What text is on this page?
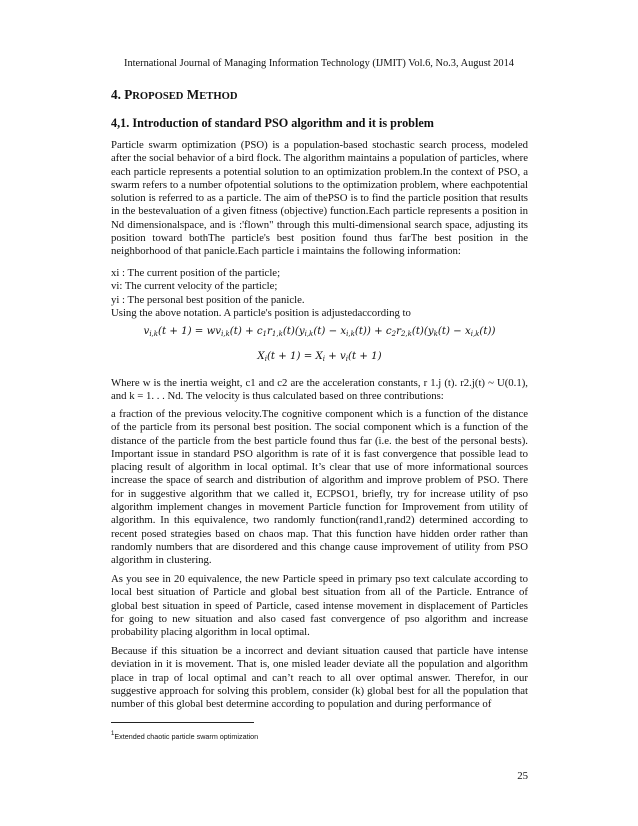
International Journal of Managing Information Technology (IJMIT) Vol.6, No.3, August 2014
4. PROPOSED METHOD
4,1. Introduction of standard PSO algorithm and it is problem

Particle swarm optimization (PSO) is a population-based stochastic search process, modeled after the social behavior of a bird flock. The algorithm maintains a population of particles, where each particle represents a potential solution to an optimization problem.In the context of PSO, a swarm refers to a number ofpotential solutions to the optimization problem, where eachpotential solution is referred to as a particle. The aim of thePSO is to find the particle position that results in the bestevaluation of a given fitness (objective) function.Each particle represents a position in Nd dimensionalspace, and is :'flown" through this multi-dimensional search space, adjusting its position toward bothThe particle's best position found thus farThe best position in the neighborhood of that panicle.Each particle i maintains the following information:

xi : The current position of the particle;
vi: The current velocity of the particle;
yi : The personal best position of the panicle.
Using the above notation. A particle's position is adjustedaccording to
$v_{i,k}(t + 1) = wv_{i,k}(t) + c_1r_{1,k}(t)(y_{i,k}(t) - x_{i,k}(t)) + c_2r_{2,k}(t)(y_k(t) - x_{i,k}(t))$
$X_i(t + 1) = X_i + v_i(t + 1)$

Where w is the inertia weight, c1 and c2 are the acceleration constants, r 1.j (t). r2.j(t) ~ U(0.1), and k = 1. . . Nd. The velocity is thus calculated based on three contributions:

a fraction of the previous velocity.The cognitive component which is a function of the distance of the particle from its personal best position. The social component which is a function of the distance of the particle from the best particle found thus far (i.e. the best of the personal bests). Important issue in standard PSO algorithm is rate of it is fast convergence that possible lead to placing result of algorithm in local optimal. It’s clear that use of more informational sources increase the space of search and distribution of algorithm and improve problem of PSO. There for in suggestive algorithm that we called it, ECPSO1, briefly, try for increase utility of pso algorithm implement changes in movement Particle function for Improvement from utility of algorithm. In this equivalence, two randomly function(rand1,rand2) determined according to recent posed strategies based on chaos map. That this function have hidden order rather than randomly numbers that are disordered and this change cause improvement of utility from PSO algorithm in clustering.

As you see in 20 equivalence, the new Particle speed in primary pso text calculate according to local best situation of Particle and global best situation from all of the Particle. Entrance of global best situation in speed of Particle, cased intense movement in displacement of Particles for going to new situation and also cased fast convergence of pso algorithm and increase probability placing algorithm in local optimal.

Because if this situation be a incorrect and deviant situation caused that particle have intense deviation in it is movement. That is, one misled leader deviate all the population and algorithm place in trap of local optimal and can’t reach to all over optimal answer. Therefor, in our suggestive approach for solving this problem, consider (k) global best for all the population that number of this global best determine according to population and during performance of

$^1$Extended chaotic particle swarm optimization
25
